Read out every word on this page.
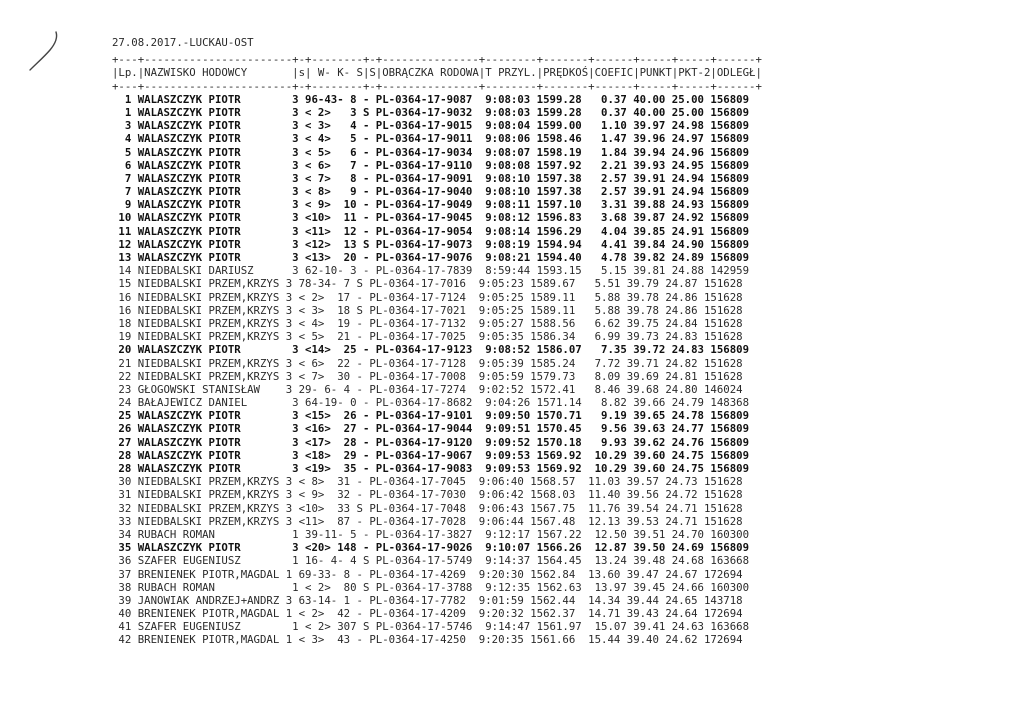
27.08.2017.-LUCKAU-OST
+---+-----------------------+-+--------+-+---------------+--------+-------+------+-----+-----+------+
|Lp.|NAZWISKO HODOWCY       |s| W- K- S|S|OBRĄCZKA RODOWA|T PRZYL.|PRĘDKOŚ|COEFIC|PUNKT|PKT-2|ODLEGŁ|
+---+-----------------------+-+--------+-+---------------+--------+-------+------+-----+-----+------+
1 WALASZCZYK PIOTR        3 96-43- 8 - PL-0364-17-9087  9:08:03 1599.28   0.37 40.00 25.00 156809
1 WALASZCZYK PIOTR        3 < 2>   3 S PL-0364-17-9032  9:08:03 1599.28   0.37 40.00 25.00 156809
3 WALASZCZYK PIOTR        3 < 3>   4 - PL-0364-17-9015  9:08:04 1599.00   1.10 39.97 24.98 156809
4 WALASZCZYK PIOTR        3 < 4>   5 - PL-0364-17-9011  9:08:06 1598.46   1.47 39.96 24.97 156809
5 WALASZCZYK PIOTR        3 < 5>   6 - PL-0364-17-9034  9:08:07 1598.19   1.84 39.94 24.96 156809
6 WALASZCZYK PIOTR        3 < 6>   7 - PL-0364-17-9110  9:08:08 1597.92   2.21 39.93 24.95 156809
7 WALASZCZYK PIOTR        3 < 7>   8 - PL-0364-17-9091  9:08:10 1597.38   2.57 39.91 24.94 156809
7 WALASZCZYK PIOTR        3 < 8>   9 - PL-0364-17-9040  9:08:10 1597.38   2.57 39.91 24.94 156809
9 WALASZCZYK PIOTR        3 < 9>  10 - PL-0364-17-9049  9:08:11 1597.10   3.31 39.88 24.93 156809
10 WALASZCZYK PIOTR        3 <10>  11 - PL-0364-17-9045  9:08:12 1596.83   3.68 39.87 24.92 156809
11 WALASZCZYK PIOTR        3 <11>  12 - PL-0364-17-9054  9:08:14 1596.29   4.04 39.85 24.91 156809
12 WALASZCZYK PIOTR        3 <12>  13 S PL-0364-17-9073  9:08:19 1594.94   4.41 39.84 24.90 156809
13 WALASZCZYK PIOTR        3 <13>  20 - PL-0364-17-9076  9:08:21 1594.40   4.78 39.82 24.89 156809
14 NIEDBALSKI DARIUSZ      3 62-10- 3 - PL-0364-17-7839  8:59:44 1593.15   5.15 39.81 24.88 142959
15 NIEDBALSKI PRZEM,KRZYS 3 78-34- 7 S PL-0364-17-7016  9:05:23 1589.67   5.51 39.79 24.87 151628
16 NIEDBALSKI PRZEM,KRZYS 3 < 2>  17 - PL-0364-17-7124  9:05:25 1589.11   5.88 39.78 24.86 151628
16 NIEDBALSKI PRZEM,KRZYS 3 < 3>  18 S PL-0364-17-7021  9:05:25 1589.11   5.88 39.78 24.86 151628
18 NIEDBALSKI PRZEM,KRZYS 3 < 4>  19 - PL-0364-17-7132  9:05:27 1588.56   6.62 39.75 24.84 151628
19 NIEDBALSKI PRZEM,KRZYS 3 < 5>  21 - PL-0364-17-7025  9:05:35 1586.34   6.99 39.73 24.83 151628
20 WALASZCZYK PIOTR        3 <14>  25 - PL-0364-17-9123  9:08:52 1586.07   7.35 39.72 24.83 156809
21 NIEDBALSKI PRZEM,KRZYS 3 < 6>  22 - PL-0364-17-7128  9:05:39 1585.24   7.72 39.71 24.82 151628
22 NIEDBALSKI PRZEM,KRZYS 3 < 7>  30 - PL-0364-17-7008  9:05:59 1579.73   8.09 39.69 24.81 151628
23 GŁOGOWSKI STANISŁAW    3 29- 6- 4 - PL-0364-17-7274  9:02:52 1572.41   8.46 39.68 24.80 146024
24 BAŁAJEWICZ DANIEL       3 64-19- 0 - PL-0364-17-8682  9:04:26 1571.14   8.82 39.66 24.79 148368
25 WALASZCZYK PIOTR        3 <15>  26 - PL-0364-17-9101  9:09:50 1570.71   9.19 39.65 24.78 156809
26 WALASZCZYK PIOTR        3 <16>  27 - PL-0364-17-9044  9:09:51 1570.45   9.56 39.63 24.77 156809
27 WALASZCZYK PIOTR        3 <17>  28 - PL-0364-17-9120  9:09:52 1570.18   9.93 39.62 24.76 156809
28 WALASZCZYK PIOTR        3 <18>  29 - PL-0364-17-9067  9:09:53 1569.92  10.29 39.60 24.75 156809
28 WALASZCZYK PIOTR        3 <19>  35 - PL-0364-17-9083  9:09:53 1569.92  10.29 39.60 24.75 156809
30 NIEDBALSKI PRZEM,KRZYS 3 < 8>  31 - PL-0364-17-7045  9:06:40 1568.57  11.03 39.57 24.73 151628
31 NIEDBALSKI PRZEM,KRZYS 3 < 9>  32 - PL-0364-17-7030  9:06:42 1568.03  11.40 39.56 24.72 151628
32 NIEDBALSKI PRZEM,KRZYS 3 <10>  33 S PL-0364-17-7048  9:06:43 1567.75  11.76 39.54 24.71 151628
33 NIEDBALSKI PRZEM,KRZYS 3 <11>  87 - PL-0364-17-7028  9:06:44 1567.48  12.13 39.53 24.71 151628
34 RUBACH ROMAN            1 39-11- 5 - PL-0364-17-3827  9:12:17 1567.22  12.50 39.51 24.70 160300
35 WALASZCZYK PIOTR        3 <20> 148 - PL-0364-17-9026  9:10:07 1566.26  12.87 39.50 24.69 156809
36 SZAFER EUGENIUSZ        1 16- 4- 4 S PL-0364-17-5749  9:14:37 1564.45  13.24 39.48 24.68 163668
37 BRENIENEK PIOTR,MAGDAL 1 69-33- 8 - PL-0364-17-4269  9:20:30 1562.84  13.60 39.47 24.67 172694
38 RUBACH ROMAN            1 < 2>  80 S PL-0364-17-3788  9:12:35 1562.63  13.97 39.45 24.66 160300
39 JANOWIAK ANDRZEJ+ANDRZ 3 63-14- 1 - PL-0364-17-7782  9:01:59 1562.44  14.34 39.44 24.65 143718
40 BRENIENEK PIOTR,MAGDAL 1 < 2>  42 - PL-0364-17-4209  9:20:32 1562.37  14.71 39.43 24.64 172694
41 SZAFER EUGENIUSZ        1 < 2> 307 S PL-0364-17-5746  9:14:47 1561.97  15.07 39.41 24.63 163668
42 BRENIENEK PIOTR,MAGDAL 1 < 3>  43 - PL-0364-17-4250  9:20:35 1561.66  15.44 39.40 24.62 172694
